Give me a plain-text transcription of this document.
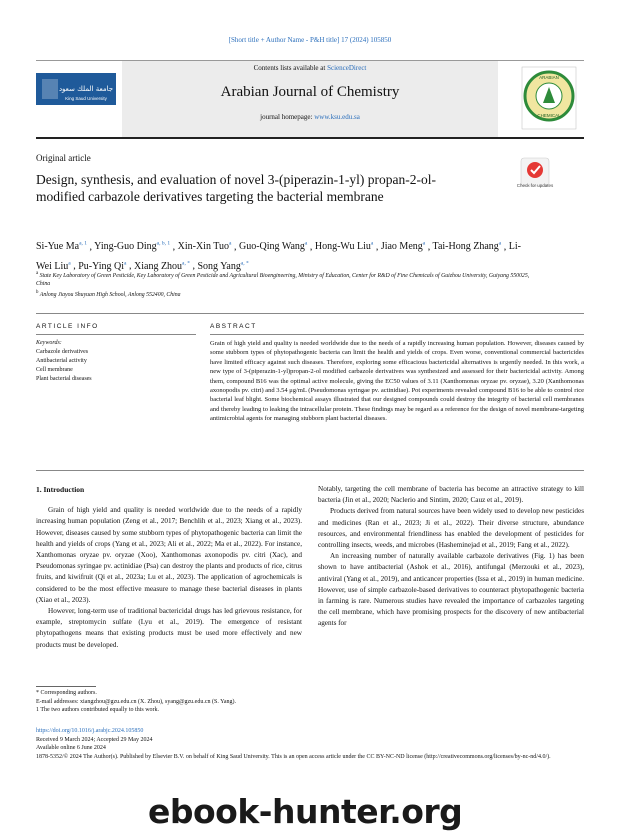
[Short title + Author Name - P&H title] 17 (2024) 105850
جامعة الملك سعود
King Saud University
Contents lists available at ScienceDirect
Arabian Journal of Chemistry
journal homepage: www.ksu.edu.sa
ARABIAN
CHEMICAL
Original article
Design, synthesis, and evaluation of novel 3-(piperazin-1-yl) propan-2-ol-modified carbazole derivatives targeting the bacterial membrane
Check for updates
Si-Yue Ma$^{a, 1}$ , Ying-Guo Ding$^{a, b, 1}$ , Xin-Xin Tuo$^a$ , Guo-Qing Wang$^a$ , Hong-Wu Liu$^a$ , Jiao Meng$^a$ , Tai-Hong Zhang$^a$ , Li-Wei Liu$^a$ , Pu-Ying Qi$^a$ , Xiang Zhou$^{a, *}$ , Song Yang$^{a, *}$
$^a$ State Key Laboratory of Green Pesticide, Key Laboratory of Green Pesticide and Agricultural Bioengineering, Ministry of Education, Center for R&D of Fine Chemicals of Guizhou University, Guiyang 550025, China
$^b$ Anlong Jiayou Shuyuan High School, Anlong 552400, China
ARTICLE INFO	ABSTRACT
Keywords:
Carbazole derivatives
Antibacterial activity
Cell membrane
Plant bacterial diseases
Grain of high yield and quality is needed worldwide due to the needs of a rapidly increasing human population. However, diseases caused by some stubborn types of phytopathogenic bacteria can limit the health and yields of crops. Even worse, conventional commercial bactericides have limited efficacy against such diseases. Therefore, exploring some efficacious bactericidal alternatives is urgently needed. In this work, a new type of 3-(piperazin-1-yl)propan-2-ol modified carbazole derivatives was synthesized and assessed for their bactericidal activity. Among them, compound B16 was the optimal active molecule, giving the EC50 values of 3.11 (Xanthomonas oryzae pv. oryzae), 3.20 (Xanthomonas axonopodis pv. citri) and 3.54 μg/mL (Pseudomonas syringae pv. actinidiae). Pot experiments revealed compound B16 to be able to control rice bacterial leaf blight. Some biochemical assays illustrated that our designed compounds could destroy the integrity of bacterial cell membranes and thereby leading to leaking the intracellular protein. These findings may be regard as a reference for the design of novel membrane-targeting antimicrobial agents for managing stubborn plant bacterial diseases.

1. Introduction

Grain of high yield and quality is needed worldwide due to the needs of a rapidly increasing human population (Zeng et al., 2017; Benchlih et al., 2023; Xiang et al., 2023). However, diseases caused by some stubborn types of phytopathogenic bacteria can limit the health and yields of crops (Yang et al., 2023; Ali et al., 2022; Ma et al., 2022). For instance, Xanthomonas oryzae pv. oryzae (Xoo), Xanthomonas axonopodis pv. citri (Xac), and Pseudomonas syringae pv. actinidiae (Psa) can destroy the plants and products of rice, citrus fruits, and kiwifruit (Qi et al., 2023a; Lu et al., 2023). The application of agrochemicals is considered to be the most effective measure to manage these bacterial diseases in plants (Xiao et al., 2023).

However, long-term use of traditional bactericidal drugs has led grievous resistance, for example, streptomycin sulfate (Lyu et al., 2019). The emergence of resistant phytopathogens means that existing products must be used more effectively and new products must be developed.

Notably, targeting the cell membrane of bacteria has become an attractive strategy to kill bacteria (Jin et al., 2020; Naclerio and Sintim, 2020; Cauz et al., 2019).

Products derived from natural sources have been widely used to develop new pesticides and medicines (Ran et al., 2023; Ji et al., 2022). Their diverse structure, abundance resources, and environmental friendliness has enabled the development of pesticides for controlling insects, weeds, and microbes (Hasheminejad et al., 2019; Fang et al., 2022).

An increasing number of naturally available carbazole derivatives (Fig. 1) has been shown to have antibacterial (Ashok et al., 2016), antifungal (Merzouki et al., 2023), antiviral (Yang et al., 2019), and anticancer properties (Issa et al., 2019) in human medicine. However, use of simple carbazole-based derivatives to counteract phytopathogenic bacteria in farming is rare. Numerous studies have revealed the importance of carbazoles targeting the cell membrane, which have promising prospects for the discovery of new antibacterial agents for

* Corresponding authors.
E-mail addresses: xiangzhou@gzu.edu.cn (X. Zhou), syang@gzu.edu.cn (S. Yang).
1 The two authors contributed equally to this work.
https://doi.org/10.1016/j.arabjc.2024.105850
Received 9 March 2024; Accepted 29 May 2024
Available online 6 June 2024
1878-5352/© 2024 The Author(s). Published by Elsevier B.V. on behalf of King Saud University. This is an open access article under the CC BY-NC-ND license (http://creativecommons.org/licenses/by-nc-nd/4.0/).
ebook-hunter.org
